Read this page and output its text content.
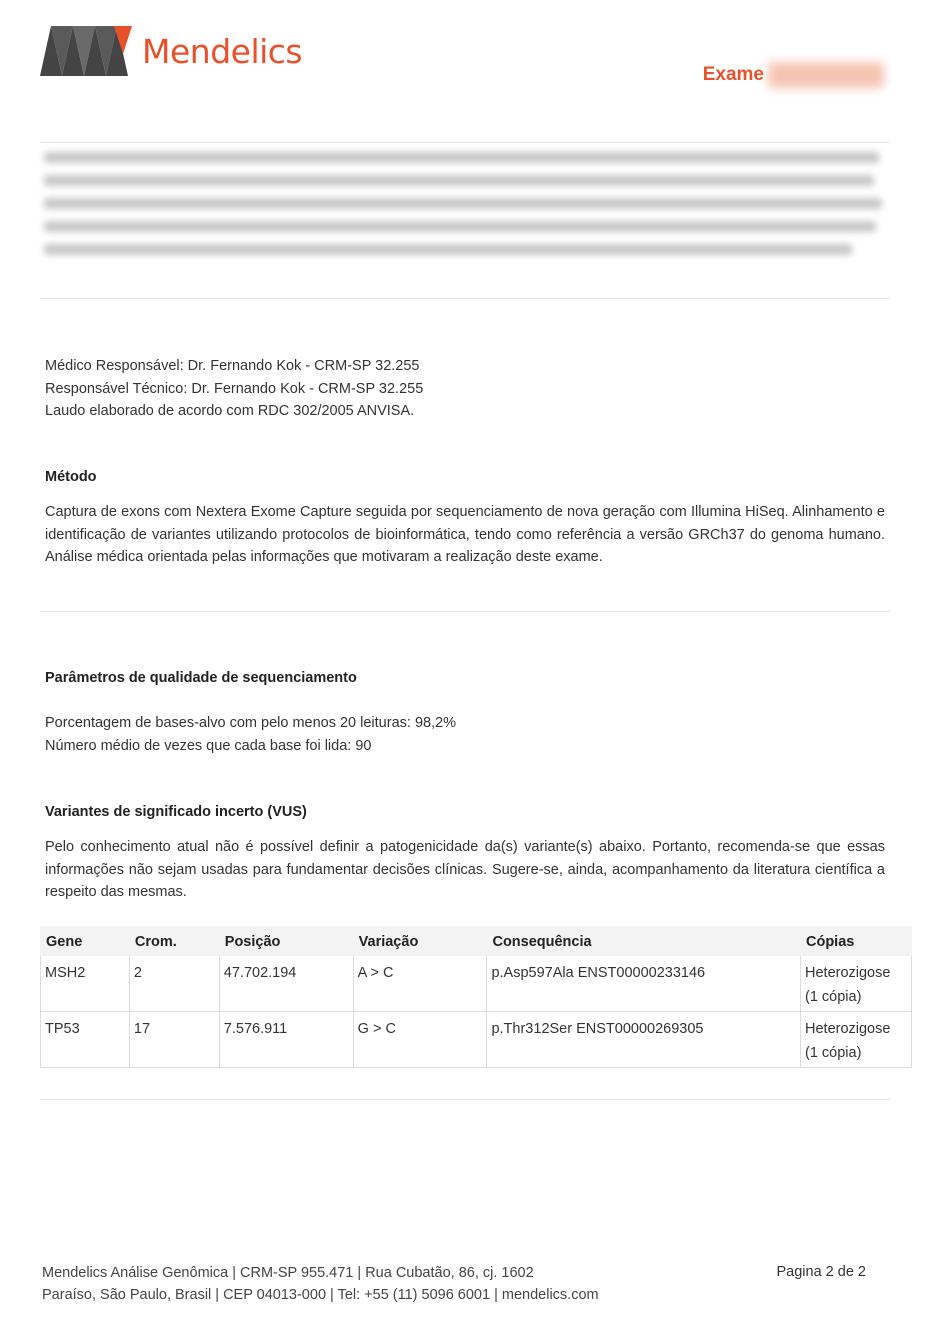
Mendelics
Exame
Médico Responsável: Dr. Fernando Kok - CRM-SP 32.255
Responsável Técnico: Dr. Fernando Kok - CRM-SP 32.255
Laudo elaborado de acordo com RDC 302/2005 ANVISA.
Método
Captura de exons com Nextera Exome Capture seguida por sequenciamento de nova geração com Illumina HiSeq. Alinhamento e identificação de variantes utilizando protocolos de bioinformática, tendo como referência a versão GRCh37 do genoma humano. Análise médica orientada pelas informações que motivaram a realização deste exame.
Parâmetros de qualidade de sequenciamento
Porcentagem de bases-alvo com pelo menos 20 leituras: 98,2%
Número médio de vezes que cada base foi lida: 90
Variantes de significado incerto (VUS)
Pelo conhecimento atual não é possível definir a patogenicidade da(s) variante(s) abaixo. Portanto, recomenda-se que essas informações não sejam usadas para fundamentar decisões clínicas. Sugere-se, ainda, acompanhamento da literatura científica a respeito das mesmas.
Gene	Crom.	Posição	Variação	Consequência	Cópias
MSH2	2	47.702.194	A > C	p.Asp597Ala ENST00000233146	Heterozigose
(1 cópia)

TP53	17	7.576.911	G > C	p.Thr312Ser ENST00000269305	Heterozigose
(1 cópia)
Mendelics Análise Genômica | CRM-SP 955.471 | Rua Cubatão, 86, cj. 1602
Paraíso, São Paulo, Brasil | CEP 04013-000 | Tel: +55 (11) 5096 6001 | mendelics.com
Pagina 2 de 2
